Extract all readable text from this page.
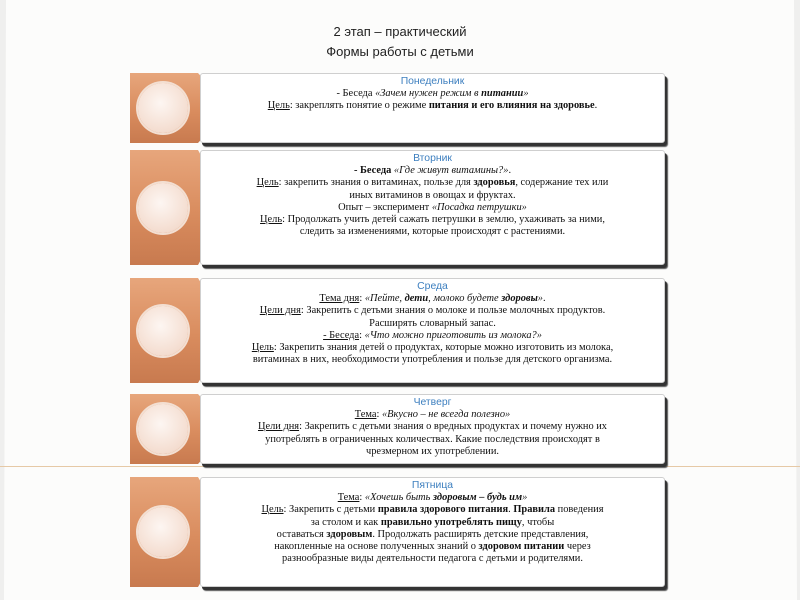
2 этап – практический
Формы работы с детьми
Понедельник
- Беседа «Зачем нужен режим в питании»
Цель: закреплять понятие о режиме питания и его влияния на здоровье.
Вторник
- Беседа «Где живут витамины?».
Цель: закрепить знания о витаминах, пользе для здоровья, содержание тех или
иных витаминов в овощах и фруктах.
Опыт – эксперимент «Посадка петрушки»
Цель: Продолжать учить детей сажать петрушки в землю, ухаживать за ними,
следить за изменениями, которые происходят с растениями.
Среда
Тема дня: «Пейте, дети, молоко будете здоровы».
Цели дня: Закрепить с детьми знания о молоке и пользе молочных продуктов.
Расширять словарный запас.
- Беседа: «Что можно приготовить из молока?»
Цель: Закрепить знания детей о продуктах, которые можно изготовить из молока,
витаминах в них, необходимости употребления и пользе для детского организма.
Четверг
Тема: «Вкусно – не всегда полезно»
Цели дня: Закрепить с детьми знания о вредных продуктах и почему нужно их
употреблять в ограниченных количествах. Какие последствия происходят в
чрезмерном их употреблении.
Пятница
Тема: «Хочешь быть здоровым – будь им»
Цель: Закрепить с детьми правила здорового питания. Правила поведения
за столом и как правильно употреблять пищу, чтобы
оставаться здоровым. Продолжать расширять детские представления,
накопленные на основе полученных знаний о здоровом питании через
разнообразные виды деятельности педагога с детьми и родителями.
